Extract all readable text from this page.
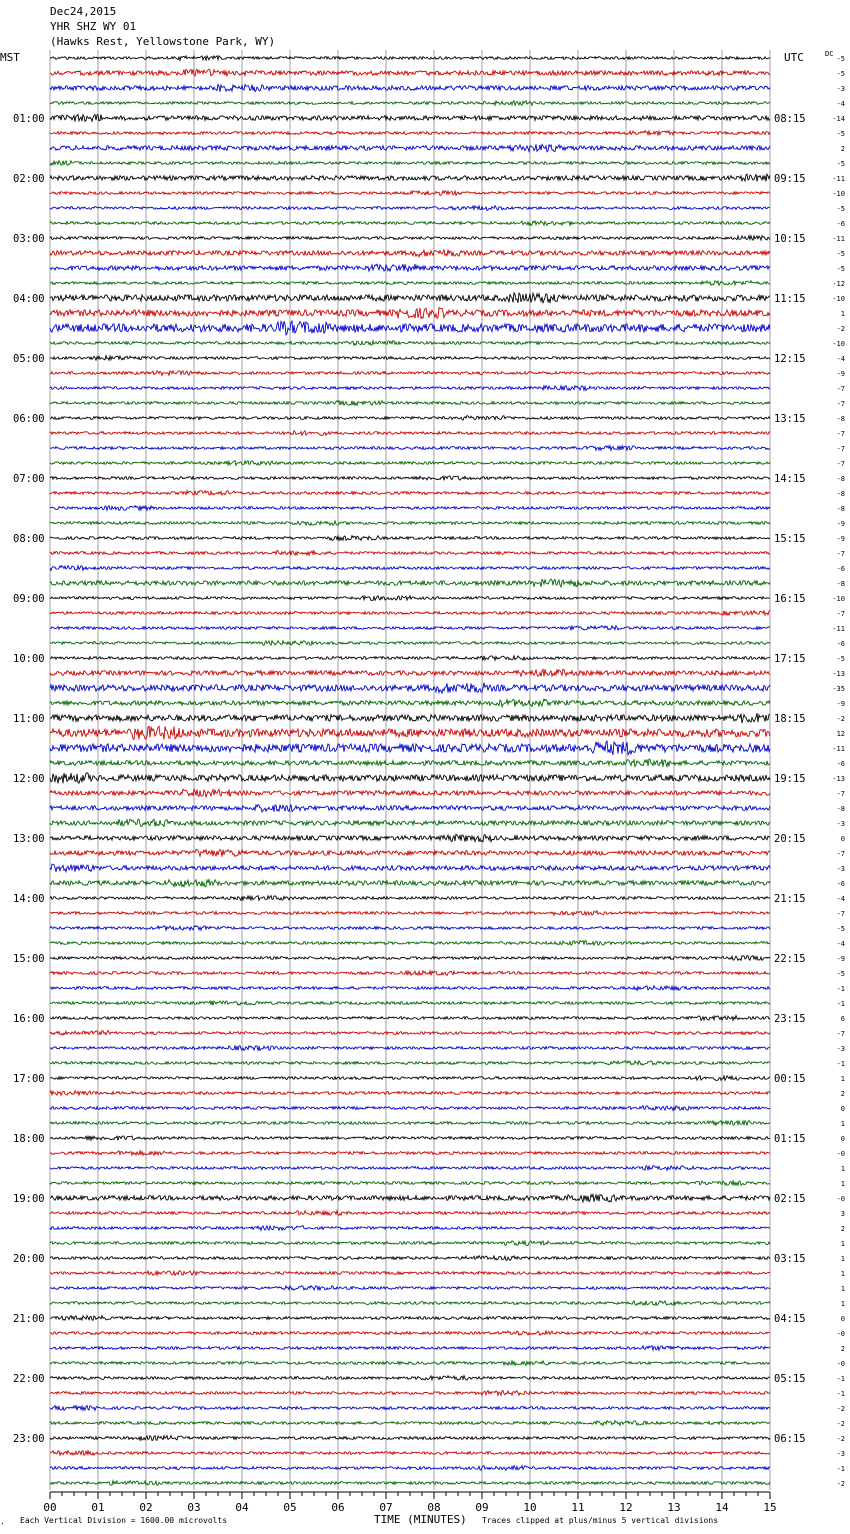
Dec24,2015
YHR SHZ WY 01
(Hawks Rest, Yellowstone Park, WY)
MST	UTC	DC
01:00
02:00
03:00
04:00
05:00
06:00
07:00
08:00
09:00
10:00
11:00
12:00
13:00
14:00
15:00
16:00
17:00
18:00
19:00
20:00
21:00
22:00
23:00
08:15
09:15
10:15
11:15
12:15
13:15
14:15
15:15
16:15
17:15
18:15
19:15
20:15
21:15
22:15
23:15
00:15
01:15
02:15
03:15
04:15
05:15
06:15
-5
-5
-3
-4
-14
-5
2
-5
-11
-10
-5
-6
-11
-5
-5
-12
-10
1
-2
-10
-4
-9
-7
-7
-8
-7
-7
-7
-8
-8
-8
-9
-9
-7
-6
-8
-10
-7
-11
-6
-5
-13
-35
-9
-2
12
-11
-6
-13
-7
-8
-3
0
-7
-3
-6
-4
-7
-5
-4
-9
-5
-1
-1
6
-7
-3
-1
1
2
0
1
0
-0
1
1
-0
3
2
1
1
1
1
1
0
-0
2
-0
-1
-1
-2
-2
-2
-3
-1
-2
00	01	02	03	04	05	06	07	08	09	10	11	12	13	14	15
. Each Vertical Division = 1600.00 microvolts	TIME (MINUTES) Traces clipped at plus/minus 5 vertical divisions
